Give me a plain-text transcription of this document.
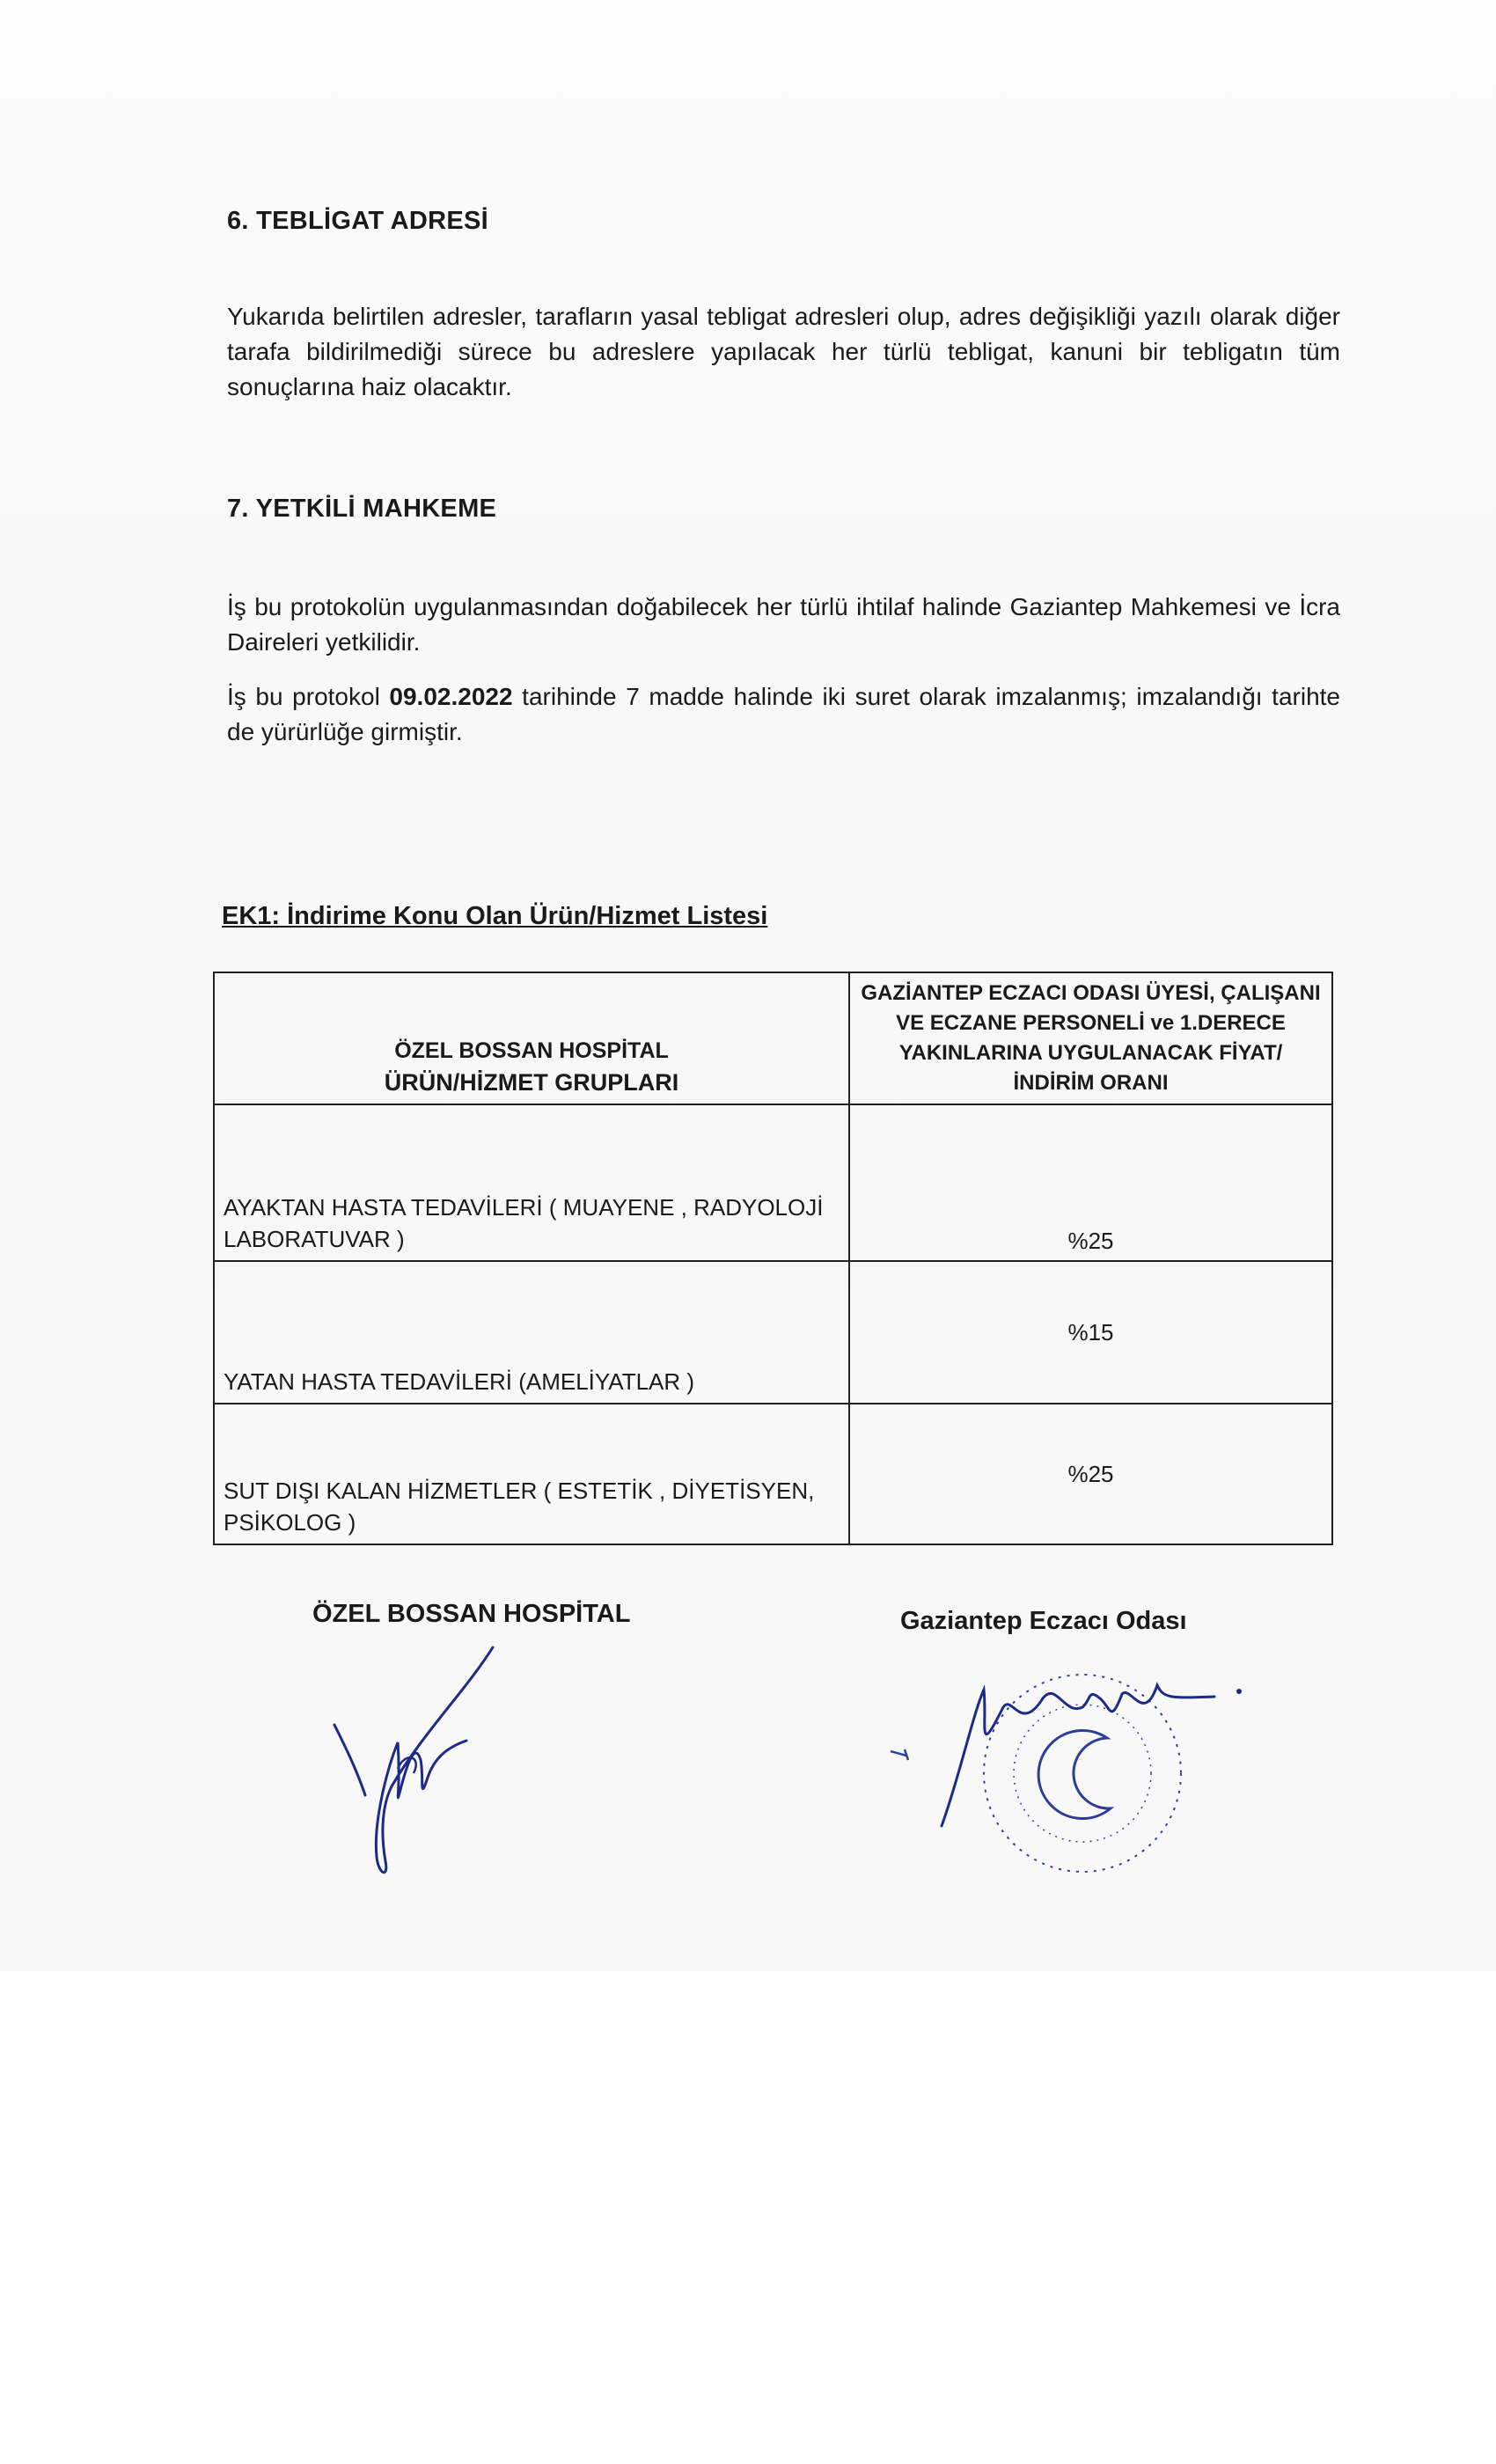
6. TEBLİGAT ADRESİ
Yukarıda belirtilen adresler, tarafların yasal tebligat adresleri olup, adres değişikliği yazılı olarak diğer tarafa bildirilmediği sürece bu adreslere yapılacak her türlü tebligat, kanuni bir tebligatın tüm sonuçlarına haiz olacaktır.
7. YETKİLİ MAHKEME
İş bu protokolün uygulanmasından doğabilecek her türlü ihtilaf halinde Gaziantep Mahkemesi ve İcra Daireleri yetkilidir.
İş bu protokol 09.02.2022 tarihinde 7 madde halinde iki suret olarak imzalanmış; imzalandığı tarihte de yürürlüğe girmiştir.
EK1: İndirime Konu Olan Ürün/Hizmet Listesi
ÖZEL BOSSAN HOSPİTAL
ÜRÜN/HİZMET GRUPLARI	GAZİANTEP ECZACI ODASI ÜYESİ, ÇALIŞANI VE ECZANE PERSONELİ ve 1.DERECE YAKINLARINA UYGULANACAK FİYAT/ İNDİRİM ORANI
AYAKTAN HASTA TEDAVİLERİ ( MUAYENE , RADYOLOJİ LABORATUVAR )	%25
YATAN HASTA TEDAVİLERİ (AMELİYATLAR )	%15
SUT DIŞI KALAN HİZMETLER ( ESTETİK , DİYETİSYEN, PSİKOLOG )	%25
ÖZEL BOSSAN HOSPİTAL	Gaziantep Eczacı Odası
